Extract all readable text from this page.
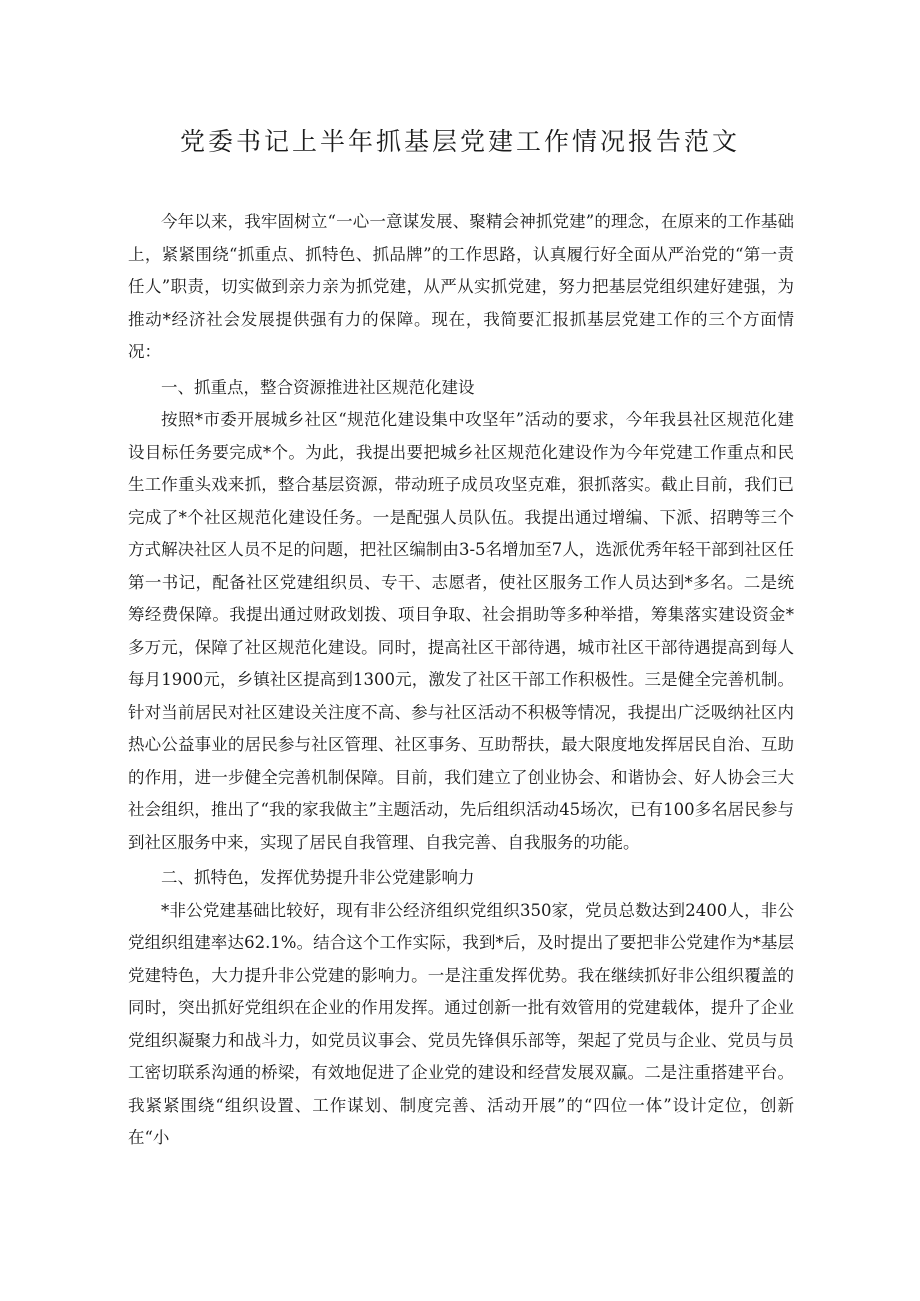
党委书记上半年抓基层党建工作情况报告范文

今年以来，我牢固树立“一心一意谋发展、聚精会神抓党建”的理念，在原来的工作基础上，紧紧围绕“抓重点、抓特色、抓品牌”的工作思路，认真履行好全面从严治党的“第一责任人”职责，切实做到亲力亲为抓党建，从严从实抓党建，努力把基层党组织建好建强，为推动*经济社会发展提供强有力的保障。现在，我简要汇报抓基层党建工作的三个方面情况：

一、抓重点，整合资源推进社区规范化建设

按照*市委开展城乡社区“规范化建设集中攻坚年”活动的要求，今年我县社区规范化建设目标任务要完成*个。为此，我提出要把城乡社区规范化建设作为今年党建工作重点和民生工作重头戏来抓，整合基层资源，带动班子成员攻坚克难，狠抓落实。截止目前，我们已完成了*个社区规范化建设任务。一是配强人员队伍。我提出通过增编、下派、招聘等三个方式解决社区人员不足的问题，把社区编制由3-5名增加至7人，选派优秀年轻干部到社区任第一书记，配备社区党建组织员、专干、志愿者，使社区服务工作人员达到*多名。二是统筹经费保障。我提出通过财政划拨、项目争取、社会捐助等多种举措，筹集落实建设资金*多万元，保障了社区规范化建设。同时，提高社区干部待遇，城市社区干部待遇提高到每人每月1900元，乡镇社区提高到1300元，激发了社区干部工作积极性。三是健全完善机制。针对当前居民对社区建设关注度不高、参与社区活动不积极等情况，我提出广泛吸纳社区内热心公益事业的居民参与社区管理、社区事务、互助帮扶，最大限度地发挥居民自治、互助的作用，进一步健全完善机制保障。目前，我们建立了创业协会、和谐协会、好人协会三大社会组织，推出了“我的家我做主”主题活动，先后组织活动45场次，已有100多名居民参与到社区服务中来，实现了居民自我管理、自我完善、自我服务的功能。

二、抓特色，发挥优势提升非公党建影响力

*非公党建基础比较好，现有非公经济组织党组织350家，党员总数达到2400人，非公党组织组建率达62.1%。结合这个工作实际，我到*后，及时提出了要把非公党建作为*基层党建特色，大力提升非公党建的影响力。一是注重发挥优势。我在继续抓好非公组织覆盖的同时，突出抓好党组织在企业的作用发挥。通过创新一批有效管用的党建载体，提升了企业党组织凝聚力和战斗力，如党员议事会、党员先锋俱乐部等，架起了党员与企业、党员与员工密切联系沟通的桥梁，有效地促进了企业党的建设和经营发展双赢。二是注重搭建平台。我紧紧围绕“组织设置、工作谋划、制度完善、活动开展”的“四位一体”设计定位，创新在“小
